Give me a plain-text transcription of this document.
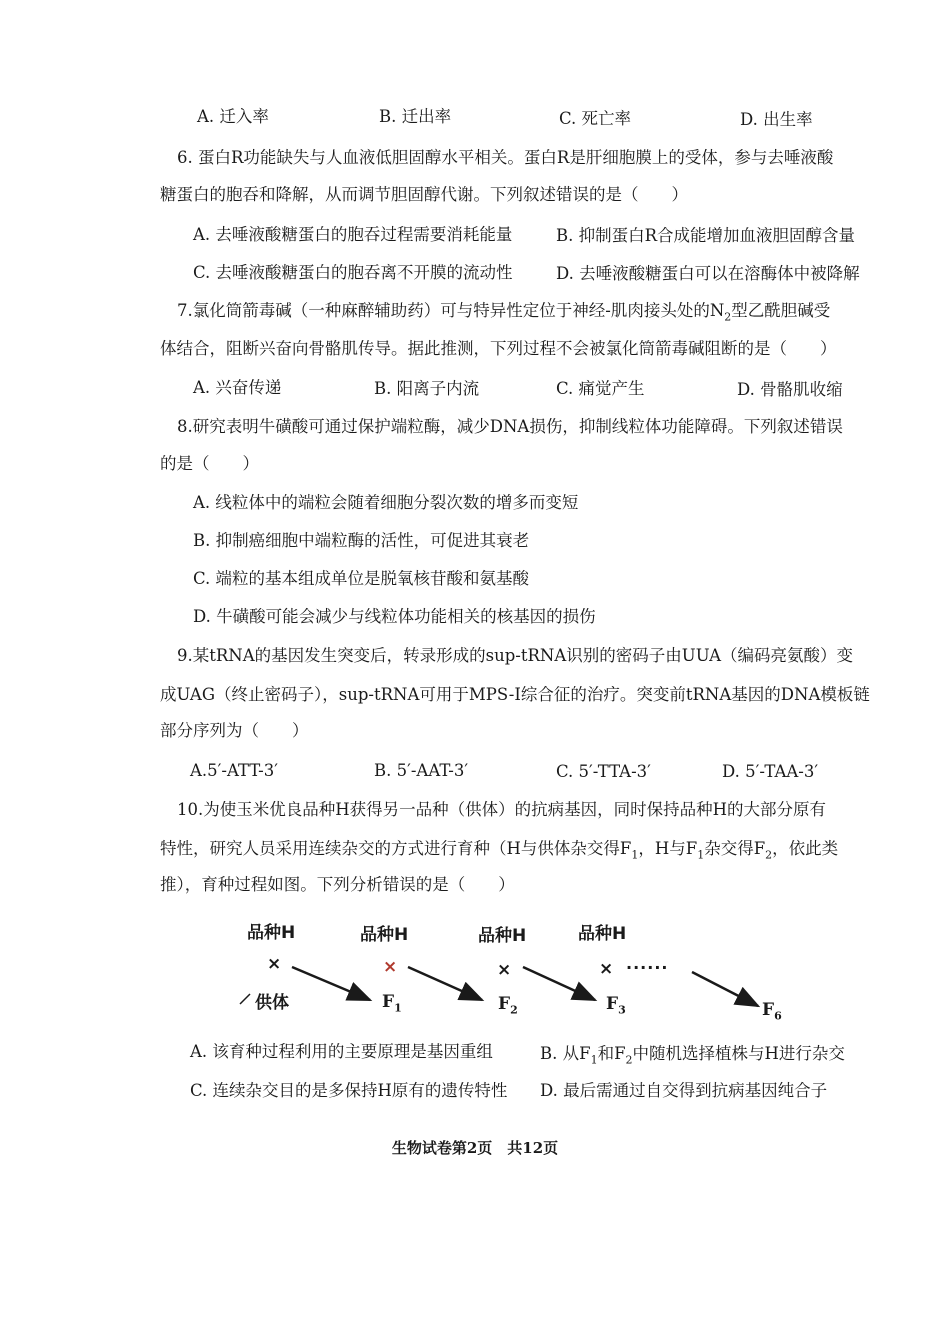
A. 迁入率	B. 迁出率	C. 死亡率	D. 出生率
6. 蛋白R功能缺失与人血液低胆固醇水平相关。蛋白R是肝细胞膜上的受体，参与去唾液酸
糖蛋白的胞吞和降解，从而调节胆固醇代谢。下列叙述错误的是（　　）
A. 去唾液酸糖蛋白的胞吞过程需要消耗能量	B. 抑制蛋白R合成能增加血液胆固醇含量
C. 去唾液酸糖蛋白的胞吞离不开膜的流动性	D. 去唾液酸糖蛋白可以在溶酶体中被降解
7.氯化筒箭毒碱（一种麻醉辅助药）可与特异性定位于神经-肌肉接头处的$N_2$型乙酰胆碱受
体结合，阻断兴奋向骨骼肌传导。据此推测，下列过程不会被氯化筒箭毒碱阻断的是（　　）
A. 兴奋传递	B. 阳离子内流	C. 痛觉产生	D. 骨骼肌收缩
8.研究表明牛磺酸可通过保护端粒酶，减少DNA损伤，抑制线粒体功能障碍。下列叙述错误
的是（　　）
A. 线粒体中的端粒会随着细胞分裂次数的增多而变短
B. 抑制癌细胞中端粒酶的活性，可促进其衰老
C. 端粒的基本组成单位是脱氧核苷酸和氨基酸
D. 牛磺酸可能会减少与线粒体功能相关的核基因的损伤
9.某tRNA的基因发生突变后，转录形成的sup-tRNA识别的密码子由UUA（编码亮氨酸）变
成UAG（终止密码子），sup-tRNA可用于MPS-I综合征的治疗。突变前tRNA基因的DNA模板链
部分序列为（　　）
A.5′-ATT-3′	B. 5′-AAT-3′	C. 5′-TTA-3′	D. 5′-TAA-3′
10.为使玉米优良品种H获得另一品种（供体）的抗病基因，同时保持品种H的大部分原有
特性，研究人员采用连续杂交的方式进行育种（H与供体杂交得$F_1$，H与$F_1$杂交得$F_2$，依此类
推），育种过程如图。下列分析错误的是（　　）
品种H	品种H	品种H	品种H
×	×	×	× ······
供体	$F_1$	$F_2$	$F_3$	$F_6$
A. 该育种过程利用的主要原理是基因重组	B. 从$F_1$和$F_2$中随机选择植株与H进行杂交
C. 连续杂交目的是多保持H原有的遗传特性 D. 最后需通过自交得到抗病基因纯合子
生物试卷第2页　共12页
